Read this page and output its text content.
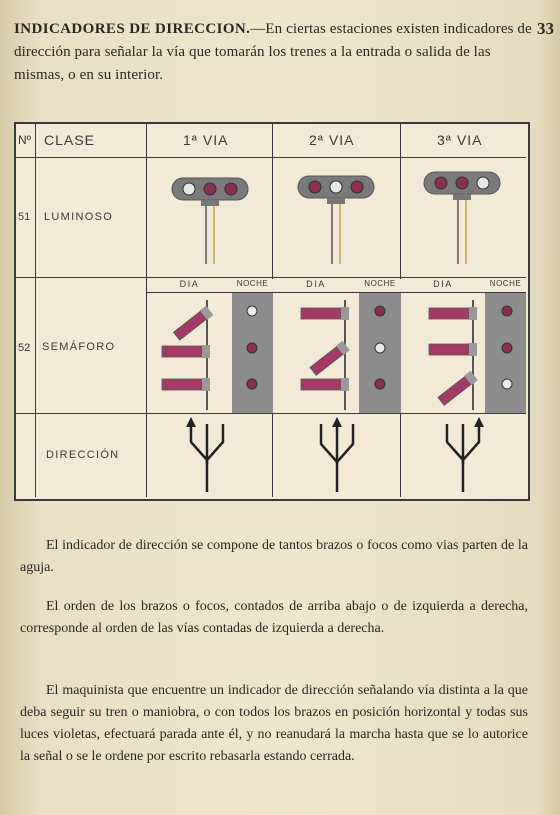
INDICADORES DE DIRECCION.—En ciertas estaciones existen indicadores de dirección para señalar la vía que tomarán los trenes a la entrada o salida de las mismas, o en su interior.
33
Nº CLASE	1ª VIA	2ª VIA	3ª VIA
51 LUMINOSO
52 SEMÁFORO
DIA	NOCHE	DIA	NOCHE	DIA	NOCHE
DIRECCIÓN
El indicador de dirección se compone de tantos brazos o focos como vias parten de la aguja.
El orden de los brazos o focos, contados de arriba abajo o de izquierda a derecha, corresponde al orden de las vías contadas de izquierda a derecha.
El maquinista que encuentre un indicador de dirección señalando vía distinta a la que deba seguir su tren o maniobra, o con todos los brazos en posición horizontal y todas sus luces violetas, efectuará parada ante él, y no reanudará la marcha hasta que se lo autorice la señal o se le ordene por escrito rebasarla estando cerrada.
